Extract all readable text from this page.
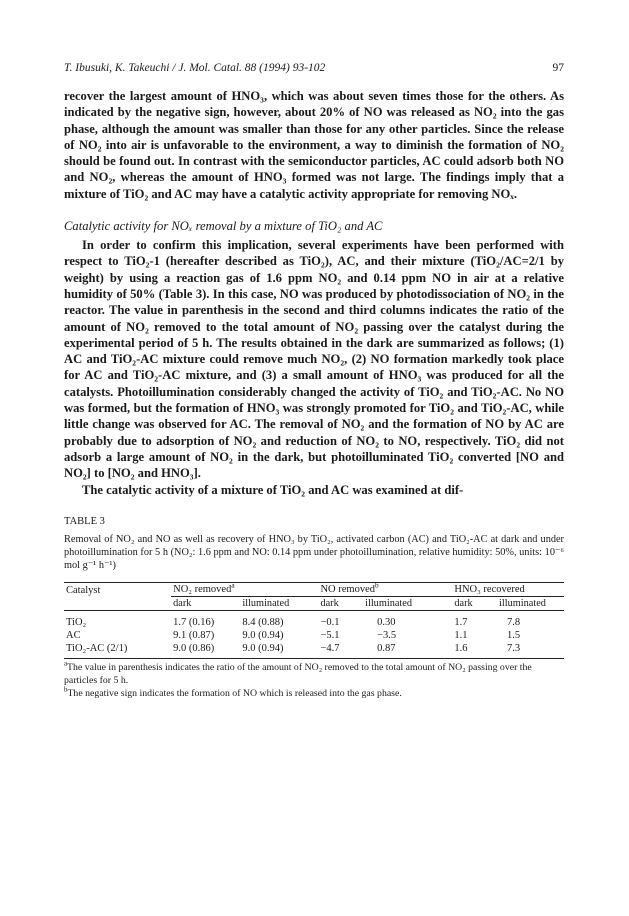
T. Ibusuki, K. Takeuchi / J. Mol. Catal. 88 (1994) 93-102	97

recover the largest amount of HNO₃, which was about seven times those for the others. As indicated by the negative sign, however, about 20% of NO was released as NO₂ into the gas phase, although the amount was smaller than those for any other particles. Since the release of NO₂ into air is unfavorable to the environment, a way to diminish the formation of NO₂ should be found out. In contrast with the semiconductor particles, AC could adsorb both NO and NO₂, whereas the amount of HNO₃ formed was not large. The findings imply that a mixture of TiO₂ and AC may have a catalytic activity appropriate for removing NOₓ.

Catalytic activity for NOₓ removal by a mixture of TiO₂ and AC

In order to confirm this implication, several experiments have been performed with respect to TiO₂-1 (hereafter described as TiO₂), AC, and their mixture (TiO₂/AC=2/1 by weight) by using a reaction gas of 1.6 ppm NO₂ and 0.14 ppm NO in air at a relative humidity of 50% (Table 3). In this case, NO was produced by photodissociation of NO₂ in the reactor. The value in parenthesis in the second and third columns indicates the ratio of the amount of NO₂ removed to the total amount of NO₂ passing over the catalyst during the experimental period of 5 h. The results obtained in the dark are summarized as follows; (1) AC and TiO₂-AC mixture could remove much NO₂, (2) NO formation markedly took place for AC and TiO₂-AC mixture, and (3) a small amount of HNO₃ was produced for all the catalysts. Photoillumination considerably changed the activity of TiO₂ and TiO₂-AC. No NO was formed, but the formation of HNO₃ was strongly promoted for TiO₂ and TiO₂-AC, while little change was observed for AC. The removal of NO₂ and the formation of NO by AC are probably due to adsorption of NO₂ and reduction of NO₂ to NO, respectively. TiO₂ did not adsorb a large amount of NO₂ in the dark, but photoilluminated TiO₂ converted [NO and NO₂] to [NO₂ and HNO₃].

The catalytic activity of a mixture of TiO₂ and AC was examined at dif-

TABLE 3
Removal of NO₂ and NO as well as recovery of HNO₃ by TiO₂, activated carbon (AC) and TiO₂-AC at dark and under photoillumination for 5 h (NO₂: 1.6 ppm and NO: 0.14 ppm under photoillumination, relative humidity: 50%, units: 10⁻⁶ mol g⁻¹ h⁻¹)
Catalyst	NO₂ removed$^a$		NO removed$^b$		HNO₃ recovered	
	dark	illuminated	dark	illuminated	dark	illuminated
TiO₂	1.7 (0.16)	8.4 (0.88)	−0.1	0.30	1.7	7.8
AC	9.1 (0.87)	9.0 (0.94)	−5.1	−3.5	1.1	1.5
TiO₂-AC (2/1)	9.0 (0.86)	9.0 (0.94)	−4.7	0.87	1.6	7.3
$^a$The value in parenthesis indicates the ratio of the amount of NO₂ removed to the total amount of NO₂ passing over the particles for 5 h.
$^b$The negative sign indicates the formation of NO which is released into the gas phase.
